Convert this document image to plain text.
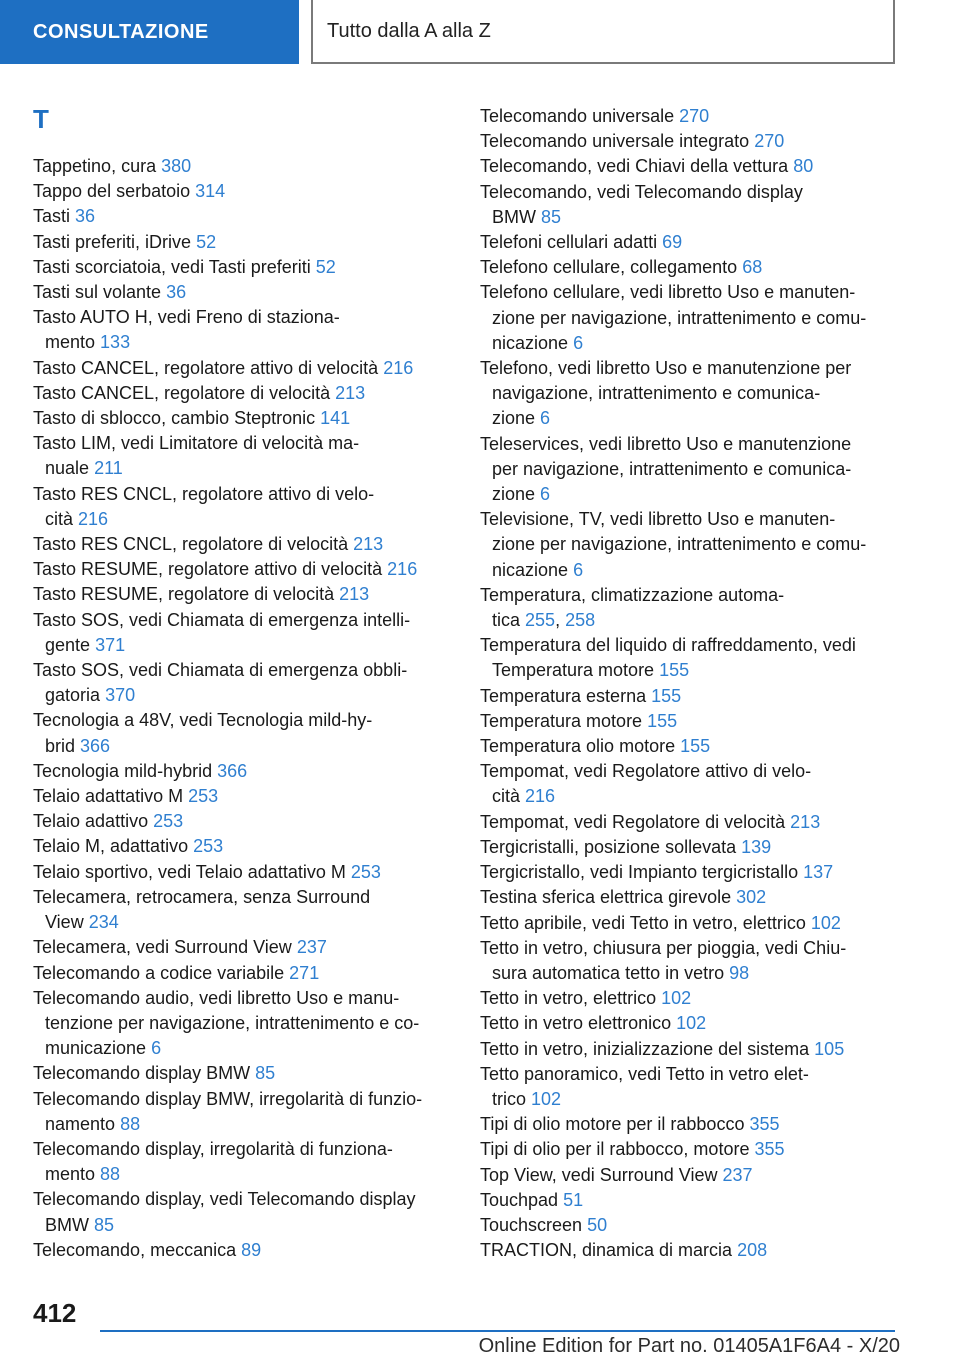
CONSULTAZIONE	Tutto dalla A alla Z
T
Tappetino, cura 380
Tappo del serbatoio 314
Tasti 36
Tasti preferiti, iDrive 52
Tasti scorciatoia, vedi Tasti preferiti 52
Tasti sul volante 36
Tasto AUTO H, vedi Freno di staziona-
mento 133
Tasto CANCEL, regolatore attivo di velocità 216
Tasto CANCEL, regolatore di velocità 213
Tasto di sblocco, cambio Steptronic 141
Tasto LIM, vedi Limitatore di velocità ma-
nuale 211
Tasto RES CNCL, regolatore attivo di velo-
cità 216
Tasto RES CNCL, regolatore di velocità 213
Tasto RESUME, regolatore attivo di velocità 216
Tasto RESUME, regolatore di velocità 213
Tasto SOS, vedi Chiamata di emergenza intelli-
gente 371
Tasto SOS, vedi Chiamata di emergenza obbli-
gatoria 370
Tecnologia a 48V, vedi Tecnologia mild-hy-
brid 366
Tecnologia mild-hybrid 366
Telaio adattativo M 253
Telaio adattivo 253
Telaio M, adattativo 253
Telaio sportivo, vedi Telaio adattativo M 253
Telecamera, retrocamera, senza Surround
View 234
Telecamera, vedi Surround View 237
Telecomando a codice variabile 271
Telecomando audio, vedi libretto Uso e manu-
tenzione per navigazione, intrattenimento e co-
municazione 6
Telecomando display BMW 85
Telecomando display BMW, irregolarità di funzio-
namento 88
Telecomando display, irregolarità di funziona-
mento 88
Telecomando display, vedi Telecomando display
BMW 85
Telecomando, meccanica 89
Telecomando universale 270
Telecomando universale integrato 270
Telecomando, vedi Chiavi della vettura 80
Telecomando, vedi Telecomando display
BMW 85
Telefoni cellulari adatti 69
Telefono cellulare, collegamento 68
Telefono cellulare, vedi libretto Uso e manuten-
zione per navigazione, intrattenimento e comu-
nicazione 6
Telefono, vedi libretto Uso e manutenzione per
navigazione, intrattenimento e comunica-
zione 6
Teleservices, vedi libretto Uso e manutenzione
per navigazione, intrattenimento e comunica-
zione 6
Televisione, TV, vedi libretto Uso e manuten-
zione per navigazione, intrattenimento e comu-
nicazione 6
Temperatura, climatizzazione automa-
tica 255, 258
Temperatura del liquido di raffreddamento, vedi
Temperatura motore 155
Temperatura esterna 155
Temperatura motore 155
Temperatura olio motore 155
Tempomat, vedi Regolatore attivo di velo-
cità 216
Tempomat, vedi Regolatore di velocità 213
Tergicristalli, posizione sollevata 139
Tergicristallo, vedi Impianto tergicristallo 137
Testina sferica elettrica girevole 302
Tetto apribile, vedi Tetto in vetro, elettrico 102
Tetto in vetro, chiusura per pioggia, vedi Chiu-
sura automatica tetto in vetro 98
Tetto in vetro, elettrico 102
Tetto in vetro elettronico 102
Tetto in vetro, inizializzazione del sistema 105
Tetto panoramico, vedi Tetto in vetro elet-
trico 102
Tipi di olio motore per il rabbocco 355
Tipi di olio per il rabbocco, motore 355
Top View, vedi Surround View 237
Touchpad 51
Touchscreen 50
TRACTION, dinamica di marcia 208
412
Online Edition for Part no. 01405A1F6A4 - X/20
